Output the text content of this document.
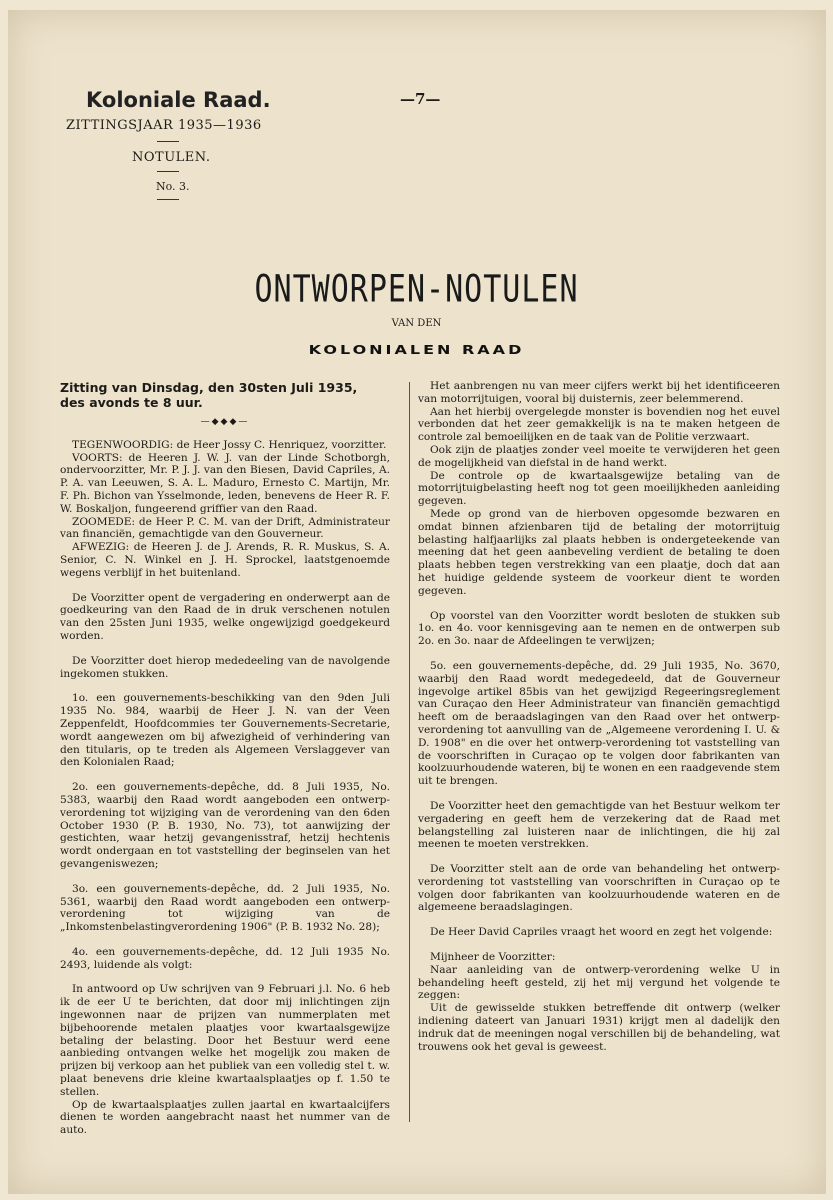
Koloniale Raad.
ZITTINGSJAAR 1935—1936
—7—
NOTULEN.
No. 3.
ONTWORPEN-NOTULEN
VAN DEN
KOLONIALEN RAAD

Zitting van Dinsdag, den 30sten Juli 1935,
des avonds te 8 uur.

—◆◆◆—

TEGENWOORDIG: de Heer Jossy C. Henriquez, voorzitter.

VOORTS: de Heeren J. W. J. van der Linde Schotborgh, ondervoorzitter, Mr. P. J. J. van den Biesen, David Capriles, A. P. A. van Leeuwen, S. A. L. Maduro, Ernesto C. Martijn, Mr. F. Ph. Bichon van Ysselmonde, leden, benevens de Heer R. F. W. Boskaljon, fungeerend griffier van den Raad.

ZOOMEDE: de Heer P. C. M. van der Drift, Administrateur van financiën, gemachtigde van den Gouverneur.

AFWEZIG: de Heeren J. de J. Arends, R. R. Muskus, S. A. Senior, C. N. Winkel en J. H. Sprockel, laatstgenoemde wegens verblijf in het buitenland.

De Voorzitter opent de vergadering en onderwerpt aan de goedkeuring van den Raad de in druk verschenen notulen van den 25sten Juni 1935, welke ongewijzigd goedgekeurd worden.

De Voorzitter doet hierop mededeeling van de navolgende ingekomen stukken.

1o. een gouvernements-beschikking van den 9den Juli 1935 No. 984, waarbij de Heer J. N. van der Veen Zeppenfeldt, Hoofdcommies ter Gouvernements-Secretarie, wordt aangewezen om bij afwezigheid of verhindering van den titularis, op te treden als Algemeen Verslaggever van den Kolonialen Raad;

2o. een gouvernements-depêche, dd. 8 Juli 1935, No. 5383, waarbij den Raad wordt aangeboden een ontwerp-verordening tot wijziging van de verordening van den 6den October 1930 (P. B. 1930, No. 73), tot aanwijzing der gestichten, waar hetzij gevangenisstraf, hetzij hechtenis wordt ondergaan en tot vaststelling der beginselen van het gevangeniswezen;

3o. een gouvernements-depêche, dd. 2 Juli 1935, No. 5361, waarbij den Raad wordt aangeboden een ontwerp-verordening tot wijziging van de „Inkomstenbelastingverordening 1906" (P. B. 1932 No. 28);

4o. een gouvernements-depêche, dd. 12 Juli 1935 No. 2493, luidende als volgt:

In antwoord op Uw schrijven van 9 Februari j.l. No. 6 heb ik de eer U te berichten, dat door mij inlichtingen zijn ingewonnen naar de prijzen van nummerplaten met bijbehoorende metalen plaatjes voor kwartaalsgewijze betaling der belasting. Door het Bestuur werd eene aanbieding ontvangen welke het mogelijk zou maken de prijzen bij verkoop aan het publiek van een volledig stel t. w. plaat benevens drie kleine kwartaalsplaatjes op f. 1.50 te stellen.

Op de kwartaalsplaatjes zullen jaartal en kwartaalcijfers dienen te worden aangebracht naast het nummer van de auto.

Het aanbrengen nu van meer cijfers werkt bij het identificeeren van motorrijtuigen, vooral bij duisternis, zeer belemmerend.

Aan het hierbij overgelegde monster is bovendien nog het euvel verbonden dat het zeer gemakkelijk is na te maken hetgeen de controle zal bemoeilijken en de taak van de Politie verzwaart.

Ook zijn de plaatjes zonder veel moeite te verwijderen het geen de mogelijkheid van diefstal in de hand werkt.

De controle op de kwartaalsgewijze betaling van de motorrijtuigbelasting heeft nog tot geen moeilijkheden aanleiding gegeven.

Mede op grond van de hierboven opgesomde bezwaren en omdat binnen afzienbaren tijd de betaling der motorrijtuig belasting halfjaarlijks zal plaats hebben is ondergeteekende van meening dat het geen aanbeveling verdient de betaling te doen plaats hebben tegen verstrekking van een plaatje, doch dat aan het huidige geldende systeem de voorkeur dient te worden gegeven.

Op voorstel van den Voorzitter wordt besloten de stukken sub 1o. en 4o. voor kennisgeving aan te nemen en de ontwerpen sub 2o. en 3o. naar de Afdeelingen te verwijzen;

5o. een gouvernements-depêche, dd. 29 Juli 1935, No. 3670, waarbij den Raad wordt medegedeeld, dat de Gouverneur ingevolge artikel 85bis van het gewijzigd Regeeringsreglement van Curaçao den Heer Administrateur van financiën gemachtigd heeft om de beraadslagingen van den Raad over het ontwerp-verordening tot aanvulling van de „Algemeene verordening I. U. & D. 1908" en die over het ontwerp-verordening tot vaststelling van de voorschriften in Curaçao op te volgen door fabrikanten van koolzuurhoudende wateren, bij te wonen en een raadgevende stem uit te brengen.

De Voorzitter heet den gemachtigde van het Bestuur welkom ter vergadering en geeft hem de verzekering dat de Raad met belangstelling zal luisteren naar de inlichtingen, die hij zal meenen te moeten verstrekken.

De Voorzitter stelt aan de orde van behandeling het ontwerp-verordening tot vaststelling van voorschriften in Curaçao op te volgen door fabrikanten van koolzuurhoudende wateren en de algemeene beraadslagingen.

De Heer David Capriles vraagt het woord en zegt het volgende:

Mijnheer de Voorzitter:

Naar aanleiding van de ontwerp-verordening welke U in behandeling heeft gesteld, zij het mij vergund het volgende te zeggen:

Uit de gewisselde stukken betreffende dit ontwerp (welker indiening dateert van Januari 1931) krijgt men al dadelijk den indruk dat de meeningen nogal verschillen bij de behandeling, wat trouwens ook het geval is geweest.
